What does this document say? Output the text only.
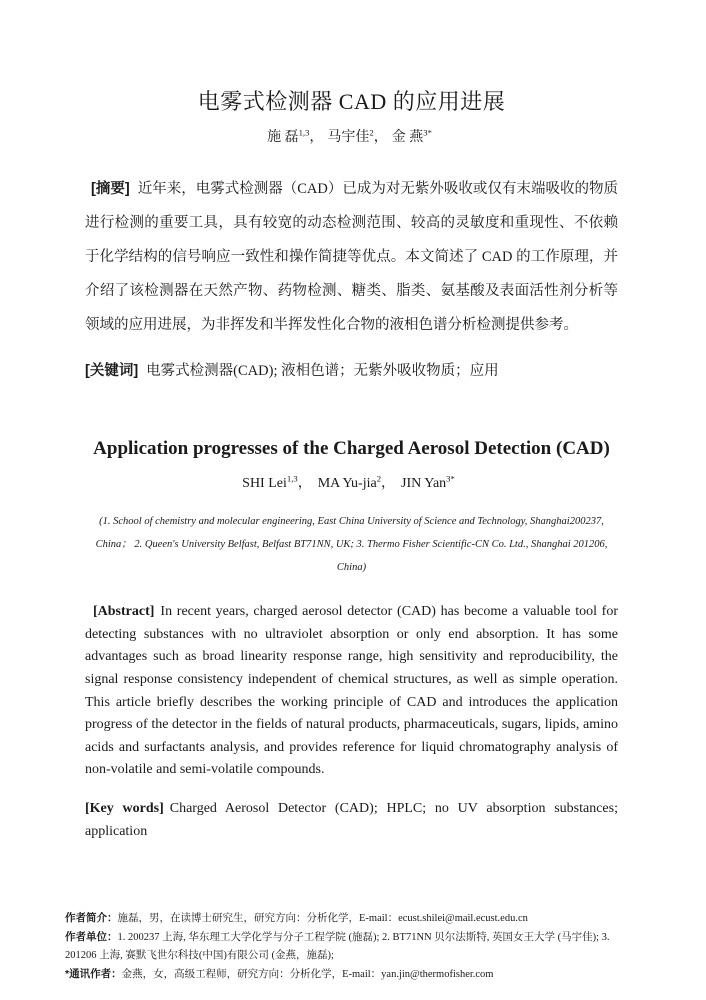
电雾式检测器 CAD 的应用进展
施 磊$^{1,3}$， 马宇佳$^2$， 金 燕$^{3*}$

[摘要] 近年来，电雾式检测器（CAD）已成为对无紫外吸收或仅有末端吸收的物质进行检测的重要工具，具有较宽的动态检测范围、较高的灵敏度和重现性、不依赖于化学结构的信号响应一致性和操作简捷等优点。本文简述了 CAD 的工作原理，并介绍了该检测器在天然产物、药物检测、糖类、脂类、氨基酸及表面活性剂分析等领域的应用进展，为非挥发和半挥发性化合物的液相色谱分析检测提供参考。

[关键词] 电雾式检测器(CAD); 液相色谱；无紫外吸收物质；应用

Application progresses of the Charged Aerosol Detection (CAD)
SHI Lei$^{1,3}$， MA Yu-jia$^2$， JIN Yan$^{3*}$

(1. School of chemistry and molecular engineering, East China University of Science and Technology, Shanghai200237, China； 2. Queen's University Belfast, Belfast BT71NN, UK; 3. Thermo Fisher Scientific-CN Co. Ltd., Shanghai 201206, China)

[Abstract] In recent years, charged aerosol detector (CAD) has become a valuable tool for detecting substances with no ultraviolet absorption or only end absorption. It has some advantages such as broad linearity response range, high sensitivity and reproducibility, the signal response consistency independent of chemical structures, as well as simple operation. This article briefly describes the working principle of CAD and introduces the application progress of the detector in the fields of natural products, pharmaceuticals, sugars, lipids, amino acids and surfactants analysis, and provides reference for liquid chromatography analysis of non-volatile and semi-volatile compounds.

[Key words] Charged Aerosol Detector (CAD); HPLC; no UV absorption substances; application

作者简介：施磊，男，在读博士研究生，研究方向：分析化学，E-mail：ecust.shilei@mail.ecust.edu.cn

作者单位：1. 200237 上海, 华东理工大学化学与分子工程学院 (施磊); 2. BT71NN 贝尔法斯特, 英国女王大学 (马宇佳); 3. 201206 上海, 赛默飞世尔科技(中国)有限公司 (金燕，施磊);

*通讯作者：金燕，女，高级工程师，研究方向：分析化学，E-mail：yan.jin@thermofisher.com
